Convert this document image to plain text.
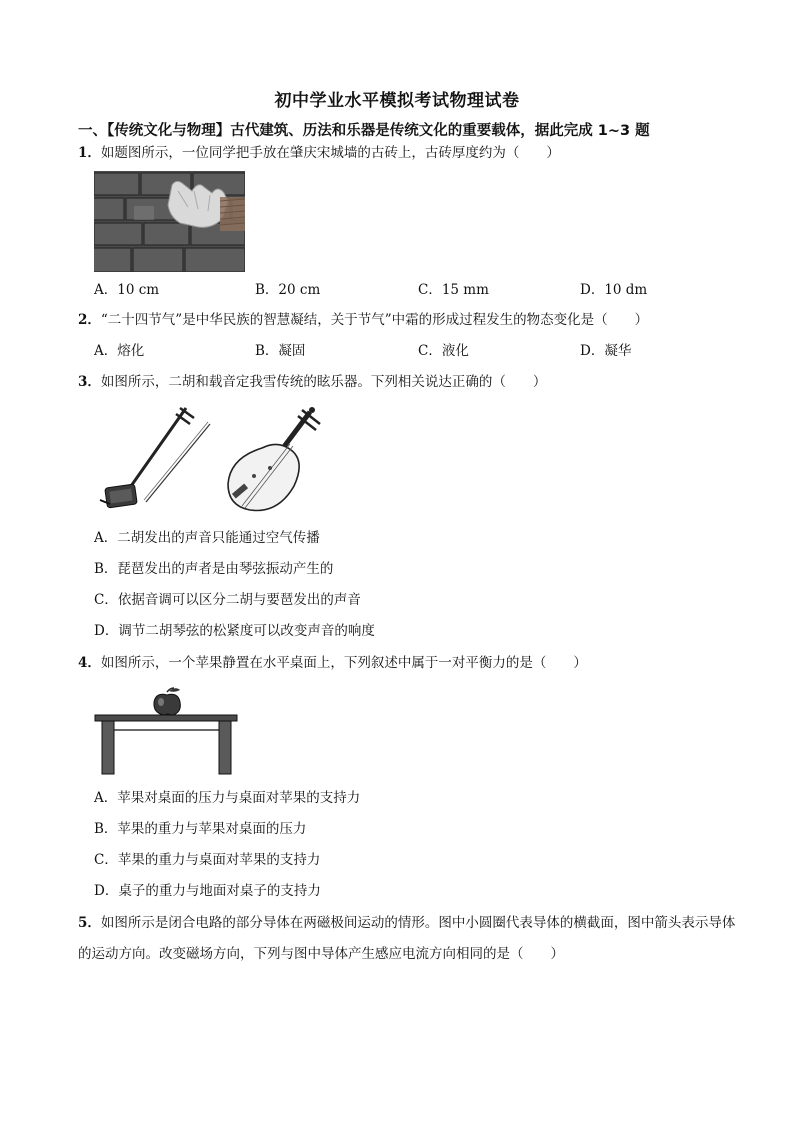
初中学业水平模拟考试物理试卷
一、【传统文化与物理】古代建筑、历法和乐器是传统文化的重要载体，据此完成 1~3 题
1．如题图所示，一位同学把手放在肇庆宋城墙的古砖上，古砖厚度约为（　　）
A．10 cm	B．20 cm	C．15 mm	D．10 dm
2．“二十四节气”是中华民族的智慧凝结，关于节气”中霜的形成过程发生的物态变化是（　　）
A．熔化	B．凝固	C．液化	D．凝华
3．如图所示，二胡和载音定我雪传统的眩乐器。下列相关说达正确的（　　）
A．二胡发出的声音只能通过空气传播
B．琵琶发出的声者是由琴弦振动产生的
C．依据音调可以区分二胡与要琶发出的声音
D．调节二胡琴弦的松紧度可以改变声音的响度
4．如图所示，一个苹果静置在水平桌面上，下列叙述中属于一对平衡力的是（　　）
A．苹果对桌面的压力与桌面对苹果的支持力
B．苹果的重力与苹果对桌面的压力
C．苹果的重力与桌面对苹果的支持力
D．桌子的重力与地面对桌子的支持力
5．如图所示是闭合电路的部分导体在两磁极间运动的情形。图中小圆圈代表导体的横截面，图中箭头表示导体的运动方向。改变磁场方向，下列与图中导体产生感应电流方向相同的是（　　）
